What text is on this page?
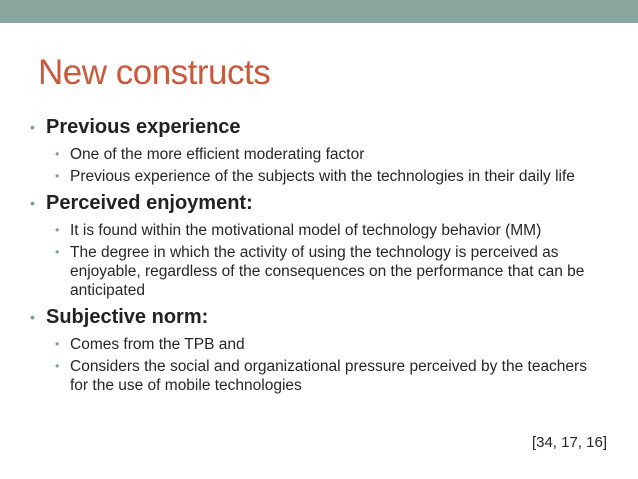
New constructs
• Previous experience
• One of the more efficient moderating factor
• Previous experience of the subjects with the technologies in their daily life
• Perceived enjoyment:
• It is found within the motivational model of technology behavior (MM)
• The degree in which the activity of using the technology is perceived as enjoyable, regardless of the consequences on the performance that can be anticipated
• Subjective norm:
• Comes from the TPB and
• Considers the social and organizational pressure perceived by the teachers for the use of mobile technologies
[34, 17, 16]
